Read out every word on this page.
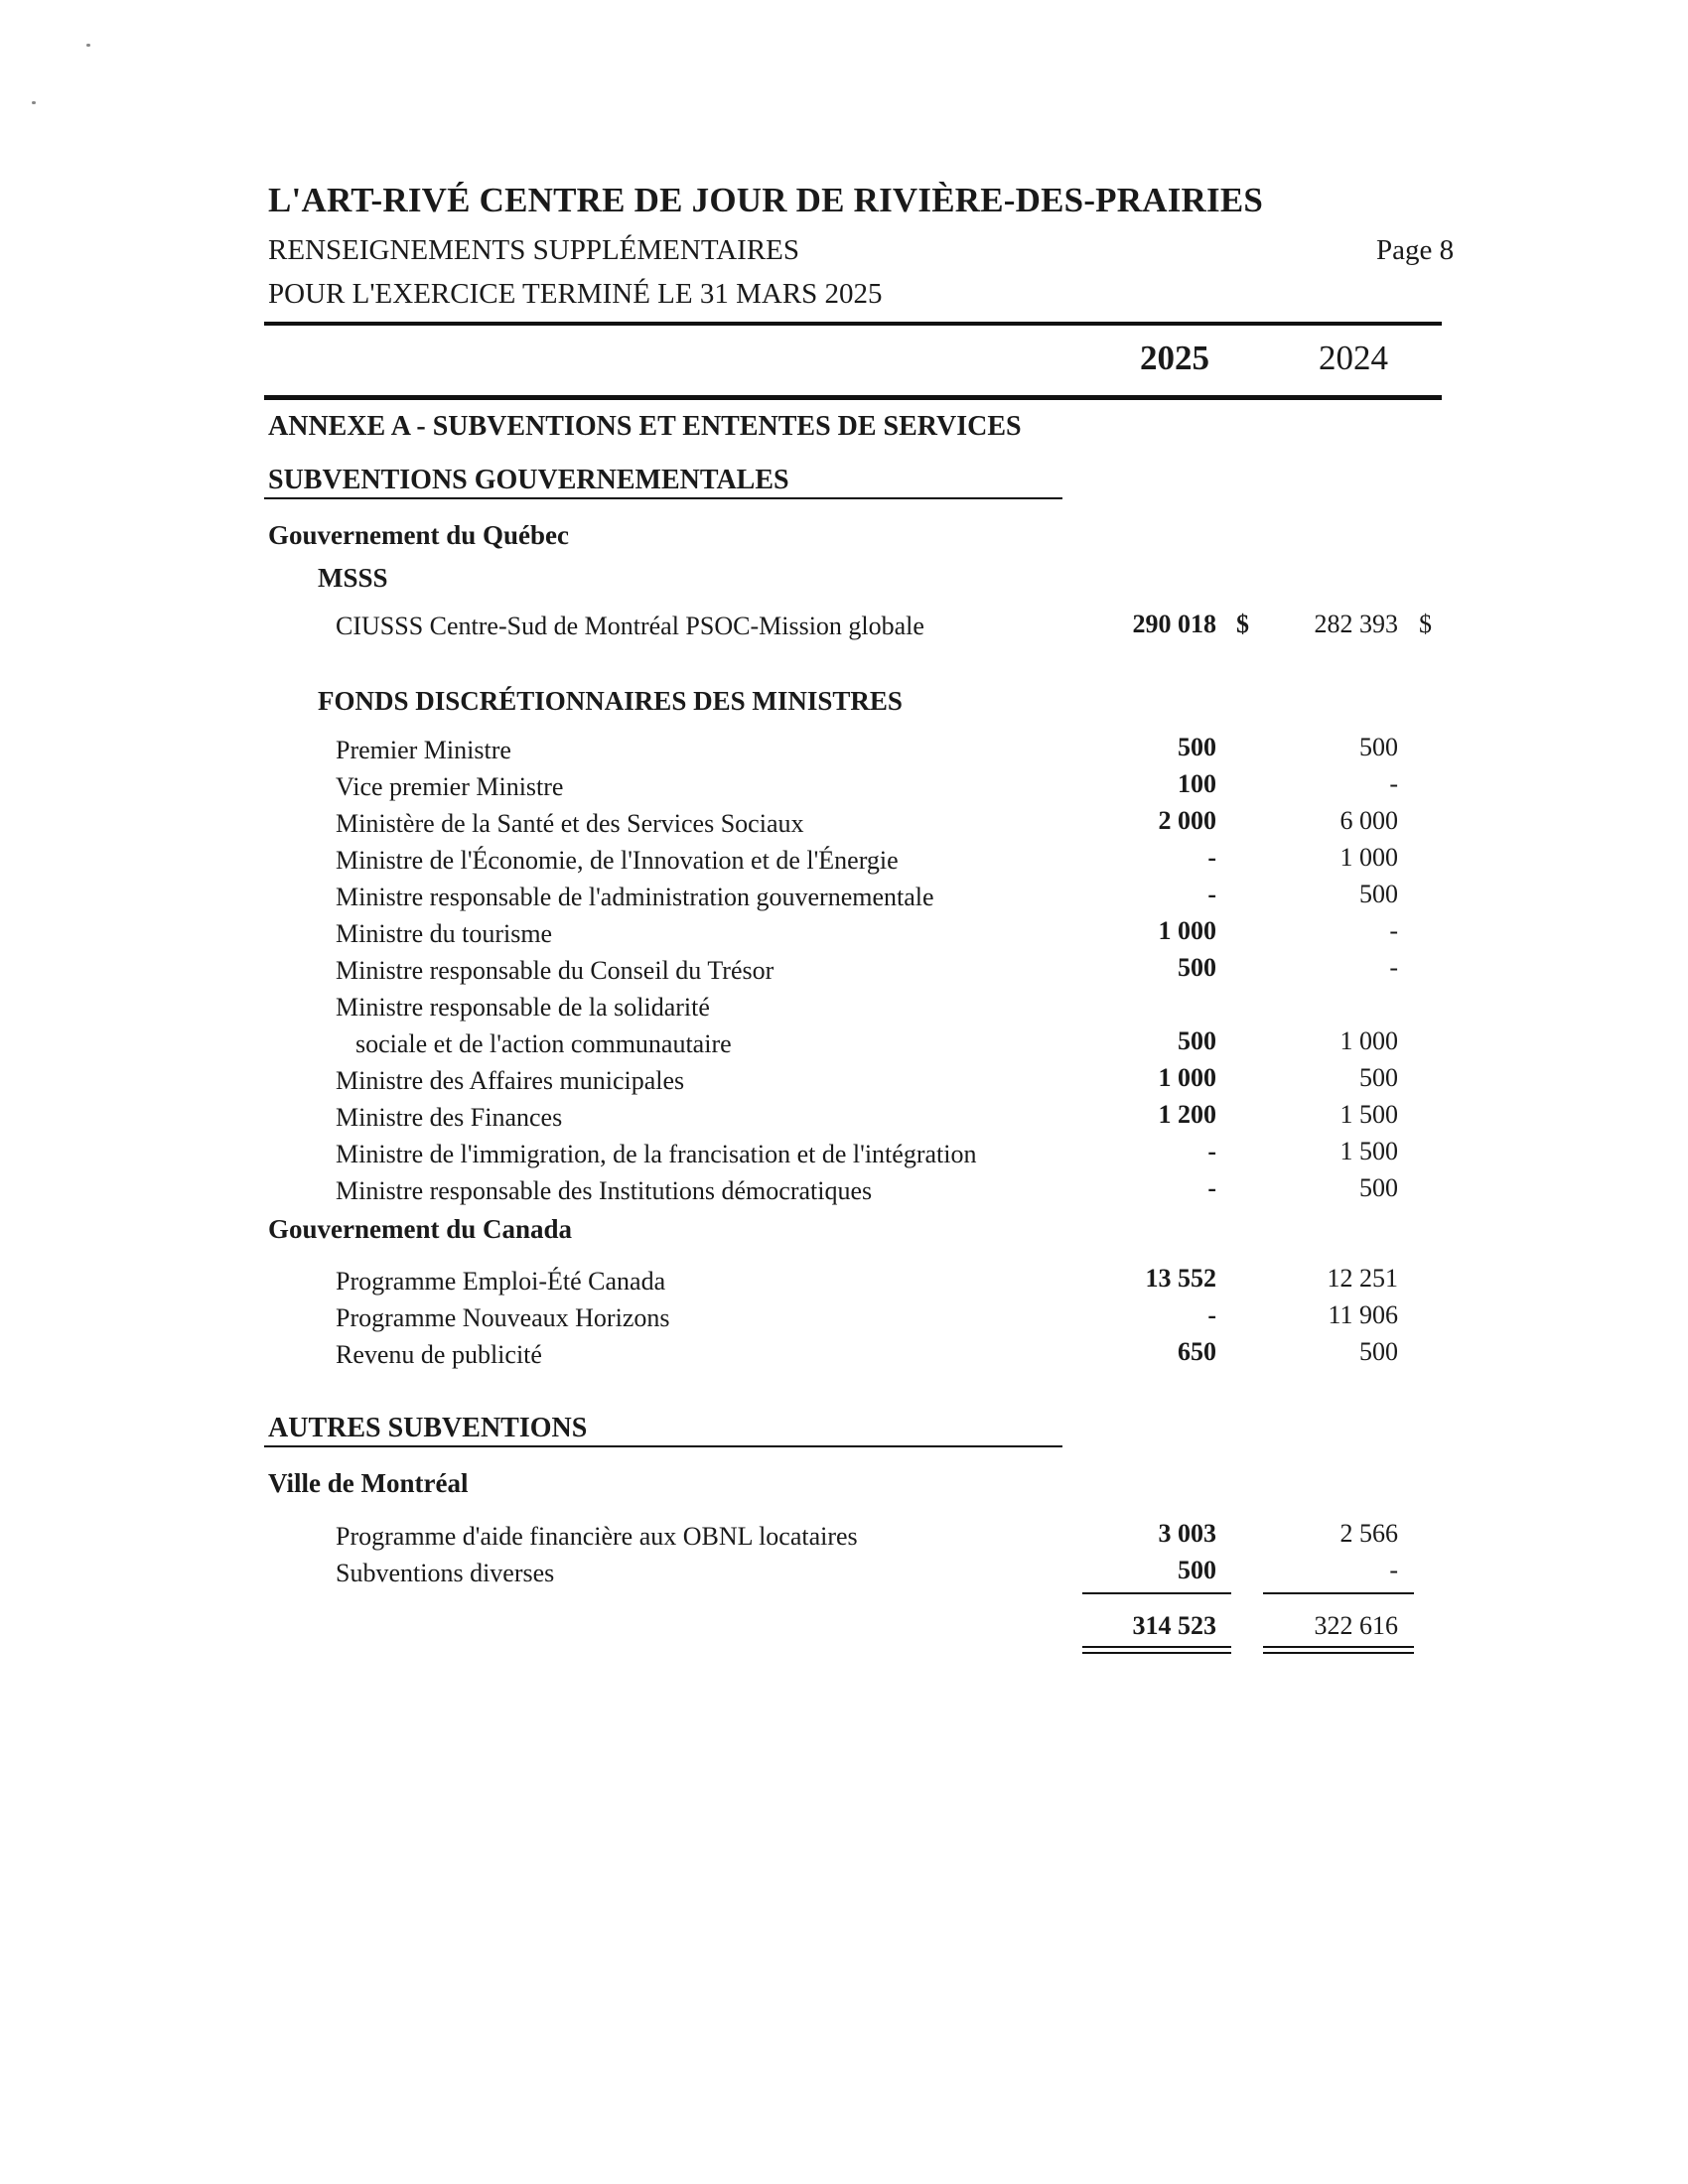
L'ART-RIVÉ CENTRE DE JOUR DE RIVIÈRE-DES-PRAIRIES
RENSEIGNEMENTS SUPPLÉMENTAIRES	Page 8
POUR L'EXERCICE TERMINÉ LE 31 MARS 2025
2025	2024
ANNEXE A - SUBVENTIONS ET ENTENTES DE SERVICES
SUBVENTIONS GOUVERNEMENTALES
Gouvernement du Québec
MSSS
CIUSSS Centre-Sud de Montréal PSOC-Mission globale	290 018 $	282 393 $
FONDS DISCRÉTIONNAIRES DES MINISTRES
Premier Ministre	500	500
Vice premier Ministre	100	-
Ministère de la Santé et des Services Sociaux	2 000	6 000
Ministre de l'Économie, de l'Innovation et de l'Énergie	-	1 000
Ministre responsable de l'administration gouvernementale	-	500
Ministre du tourisme	1 000	-
Ministre responsable du Conseil du Trésor	500	-
Ministre responsable de la solidarité
sociale et de l'action communautaire	500	1 000
Ministre des Affaires municipales	1 000	500
Ministre des Finances	1 200	1 500
Ministre de l'immigration, de la francisation et de l'intégration	-	1 500
Ministre responsable des Institutions démocratiques	-	500
Gouvernement du Canada
Programme Emploi-Été Canada	13 552	12 251
Programme Nouveaux Horizons	-	11 906
Revenu de publicité	650	500
AUTRES SUBVENTIONS
Ville de Montréal
Programme d'aide financière aux OBNL locataires	3 003	2 566
Subventions diverses	500	-
314 523	322 616
